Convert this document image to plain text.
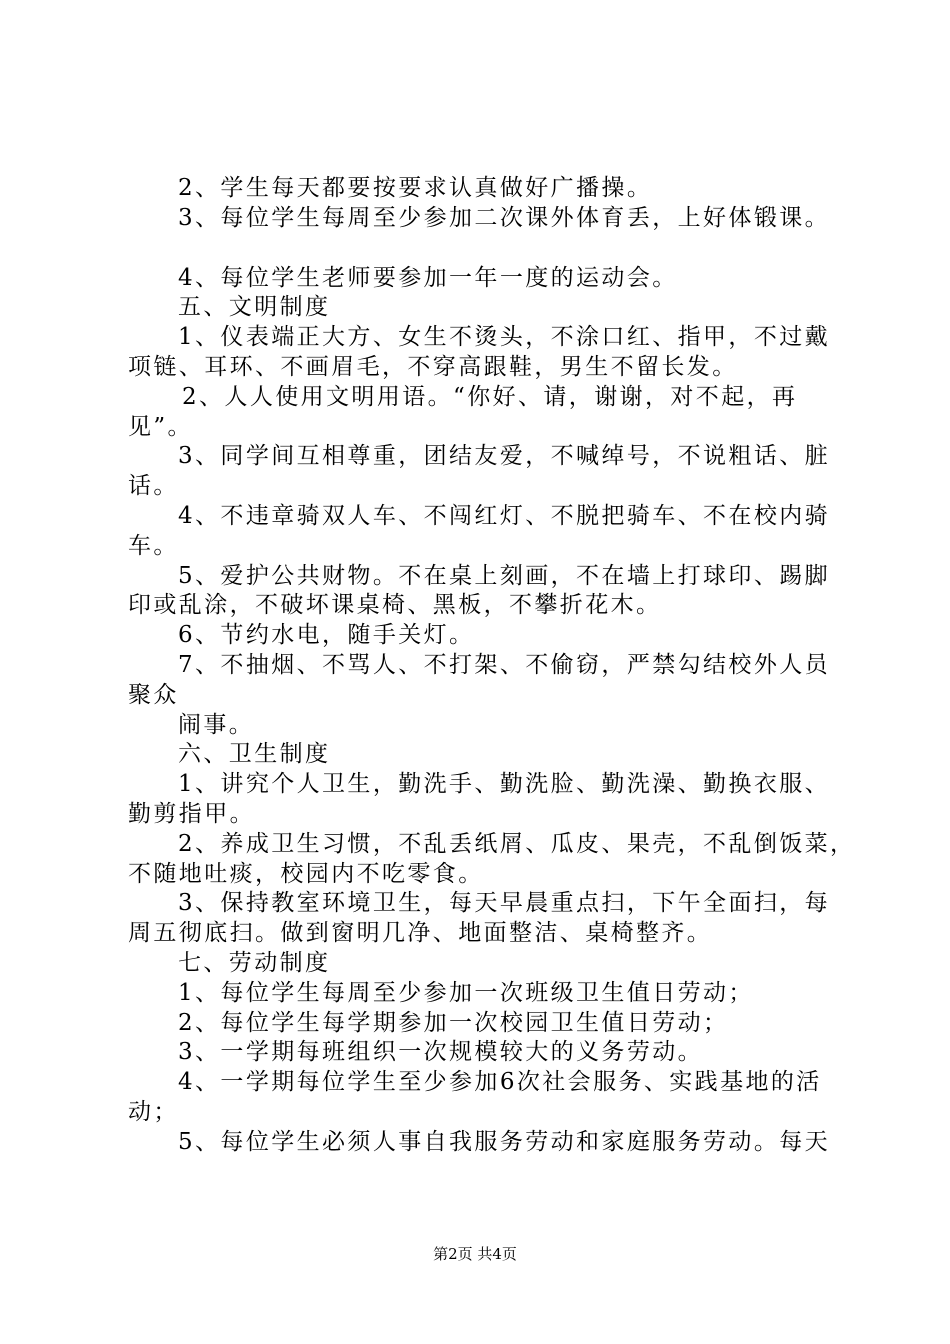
2、学生每天都要按要求认真做好广播操。
3、每位学生每周至少参加二次课外体育丢，上好体锻课。
4、每位学生老师要参加一年一度的运动会。
五、文明制度
1、仪表端正大方、女生不烫头，不涂口红、指甲，不过戴
项链、耳环、不画眉毛，不穿高跟鞋，男生不留长发。
2、人人使用文明用语。“你好、请，谢谢，对不起，再
见”。
3、同学间互相尊重，团结友爱，不喊绰号，不说粗话、脏
话。
4、不违章骑双人车、不闯红灯、不脱把骑车、不在校内骑
车。
5、爱护公共财物。不在桌上刻画，不在墙上打球印、踢脚
印或乱涂，不破坏课桌椅、黑板，不攀折花木。
6、节约水电，随手关灯。
7、不抽烟、不骂人、不打架、不偷窃，严禁勾结校外人员
聚众
闹事。
六、卫生制度
1、讲究个人卫生，勤洗手、勤洗脸、勤洗澡、勤换衣服、
勤剪指甲。
2、养成卫生习惯，不乱丢纸屑、瓜皮、果壳，不乱倒饭菜，
不随地吐痰，校园内不吃零食。
3、保持教室环境卫生，每天早晨重点扫，下午全面扫，每
周五彻底扫。做到窗明几净、地面整洁、桌椅整齐。
七、劳动制度
1、每位学生每周至少参加一次班级卫生值日劳动；
2、每位学生每学期参加一次校园卫生值日劳动；
3、一学期每班组织一次规模较大的义务劳动。
4、一学期每位学生至少参加6次社会服务、实践基地的活
动；
5、每位学生必须人事自我服务劳动和家庭服务劳动。每天
第2页 共4页
